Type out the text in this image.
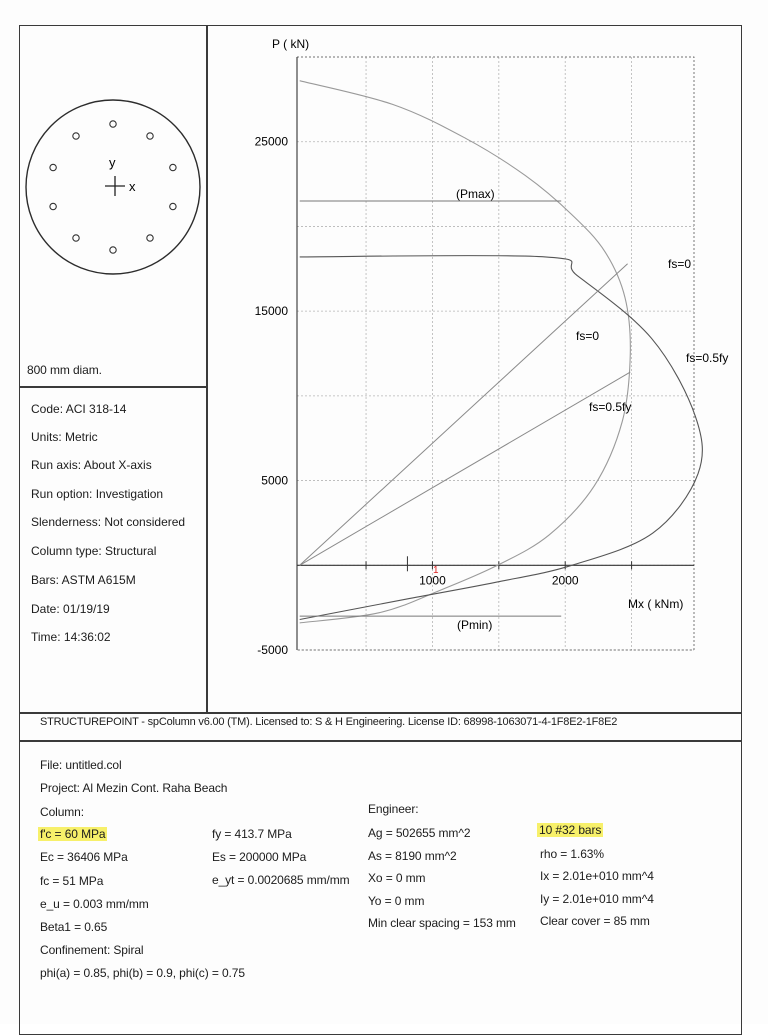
y
x
800 mm diam.
Code: ACI 318-14
Units: Metric
Run axis: About X-axis
Run option: Investigation
Slenderness: Not considered
Column type: Structural
Bars: ASTM A615M
Date: 01/19/19
Time: 14:36:02
25000
15000
5000
-5000
1000	2000
P ( kN)
Mx ( kNm)
(Pmax)
(Pmin)
fs=0
fs=0
fs=0.5fy
fs=0.5fy
1
STRUCTUREPOINT - spColumn v6.00 (TM). Licensed to: S & H Engineering. License ID: 68998-1063071-4-1F8E2-1F8E2
File: untitled.col
Project: Al Mezin Cont. Raha Beach
Column:	Engineer:
f'c = 60 MPa
Ec = 36406 MPa
fc = 51 MPa
e_u = 0.003 mm/mm
Beta1 = 0.65
Confinement: Spiral
phi(a) = 0.85, phi(b) = 0.9, phi(c) = 0.75
fy = 413.7 MPa
Es = 200000 MPa
e_yt = 0.0020685 mm/mm
Ag = 502655 mm^2
As = 8190 mm^2
Xo = 0 mm
Yo = 0 mm
Min clear spacing = 153 mm
10 #32 bars
rho = 1.63%
Ix = 2.01e+010 mm^4
Iy = 2.01e+010 mm^4
Clear cover = 85 mm
